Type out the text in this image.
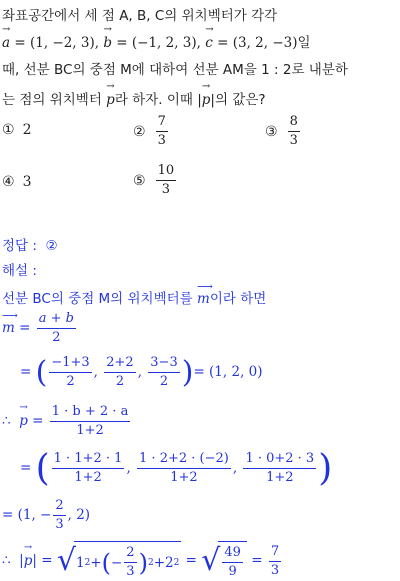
좌표공간에서 세 점 A, B, C의 위치벡터가 각각
→ a = (1, −2, 3), → b = (−1, 2, 3), → c = (3, 2, −3)일
때, 선분 BC의 중점 M에 대하여 선분 AM을 1 : 2로 내분하
는 점의 위치벡터 → p라 하자. 이때 |→ p|의 값은?
① 2	② $\frac{7}{3}$	③ $\frac{8}{3}$
④ 3	⑤ $\frac{10}{3}$
정답 : ②
해설 :
선분 BC의 중점 M의 위치벡터를 ⟶ m이라 하면
⟶ $m = \frac{a + b}{2}$
= ( $\frac{-1+3}{2}$ , $\frac{2+2}{2}$ , $\frac{3-3}{2}$ )= (1, 2, 0)
∴ → $p = \frac{1 \cdot b + 2 \cdot a}{1+2}$
= ( $\frac{1 \cdot 1+2 \cdot 1}{1+2}$ , $\frac{1 \cdot 2+2 \cdot (-2)}{1+2}$ , $\frac{1 \cdot 0+2 \cdot 3}{1+2}$ )
= (1, − $\frac{2}{3}$ , 2)
∴  |→ p| = √ 1 2 + ( − $\frac{2}{3}$ ) 2 +2 2 = √ $\frac{49}{9} = \frac{7}{3}$
